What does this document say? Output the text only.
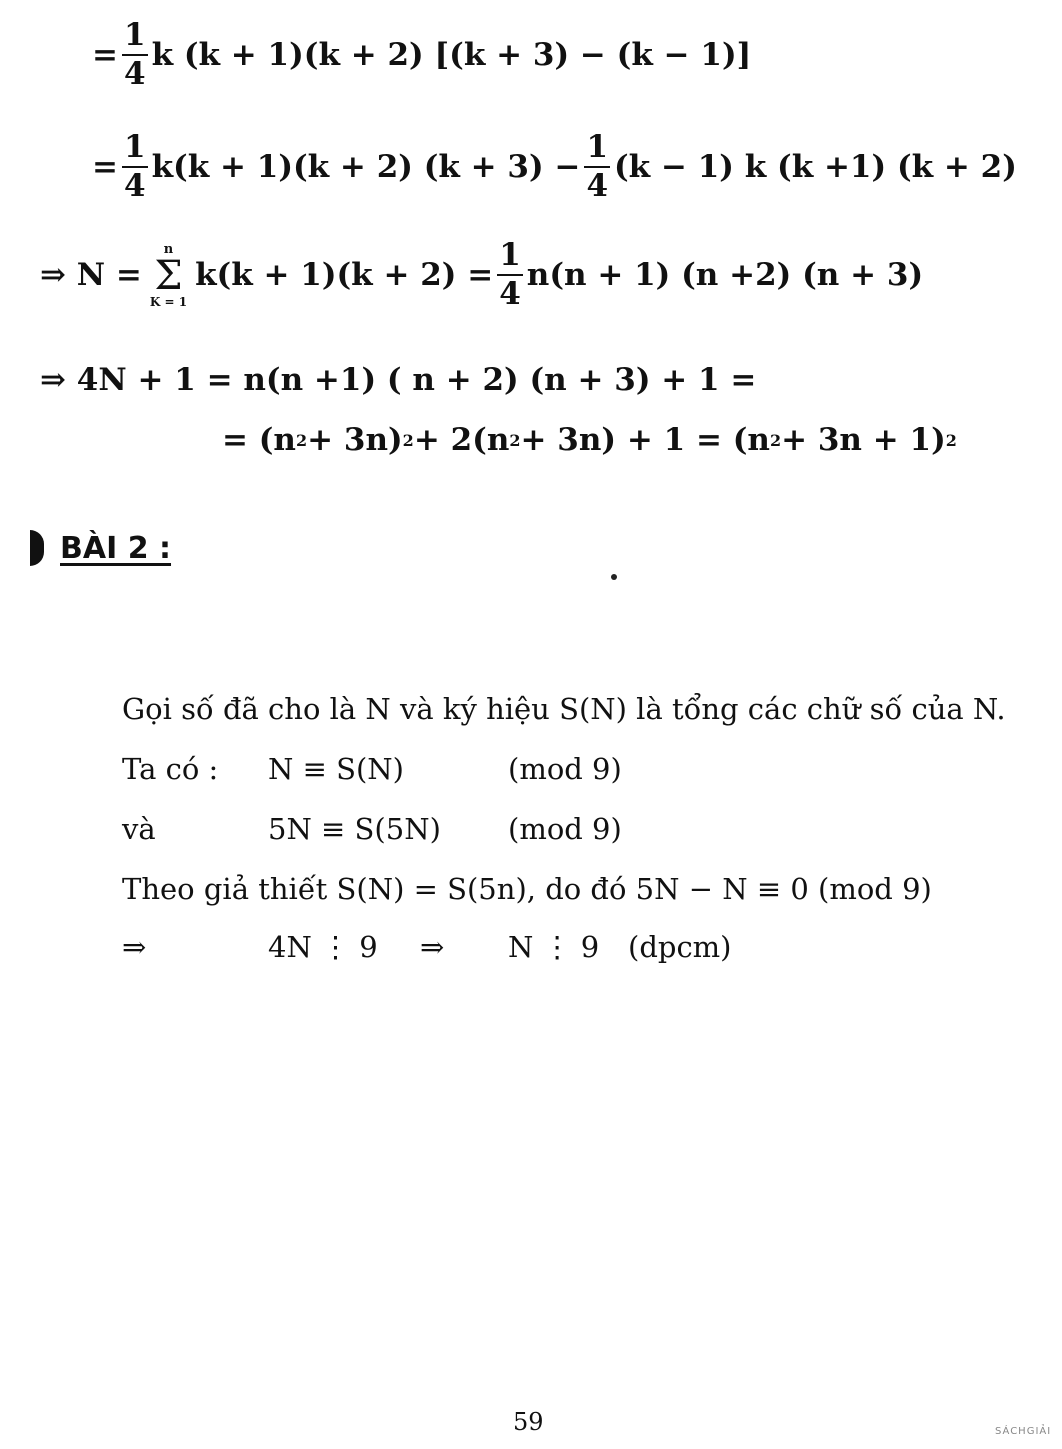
= $\frac{1}{4}$ k (k + 1)(k + 2) [(k + 3) − (k − 1)]
= $\frac{1}{4} k(k + 1)(k + 2) (k + 3) - \frac{1}{4} (k - 1)$ k (k +1) (k + 2)
⇒ N =
n
Σ
K = 1
$k(k + 1)(k + 2) = \frac{1}{4} n(n + 1)$ (n +2) (n + 3)
⇒ 4N + 1 = n(n +1) ( n + 2) (n + 3) + 1 =
= (n 2 + 3n) 2 + 2(n 2 + 3n) + 1 = (n 2 + 3n + 1) 2
BÀI 2 :
Gọi số đã cho là N và ký hiệu S(N) là tổng các chữ số của N.
Ta có : N ≡ S(N)	(mod 9)
và	5N ≡ S(5N) (mod 9)
Theo giả thiết S(N) = S(5n), do đó 5N − N ≡ 0 (mod 9)
⇒	4N ⋮ 9 ⇒ N ⋮ 9 (dpcm)
59	SÁCHGIẢI
